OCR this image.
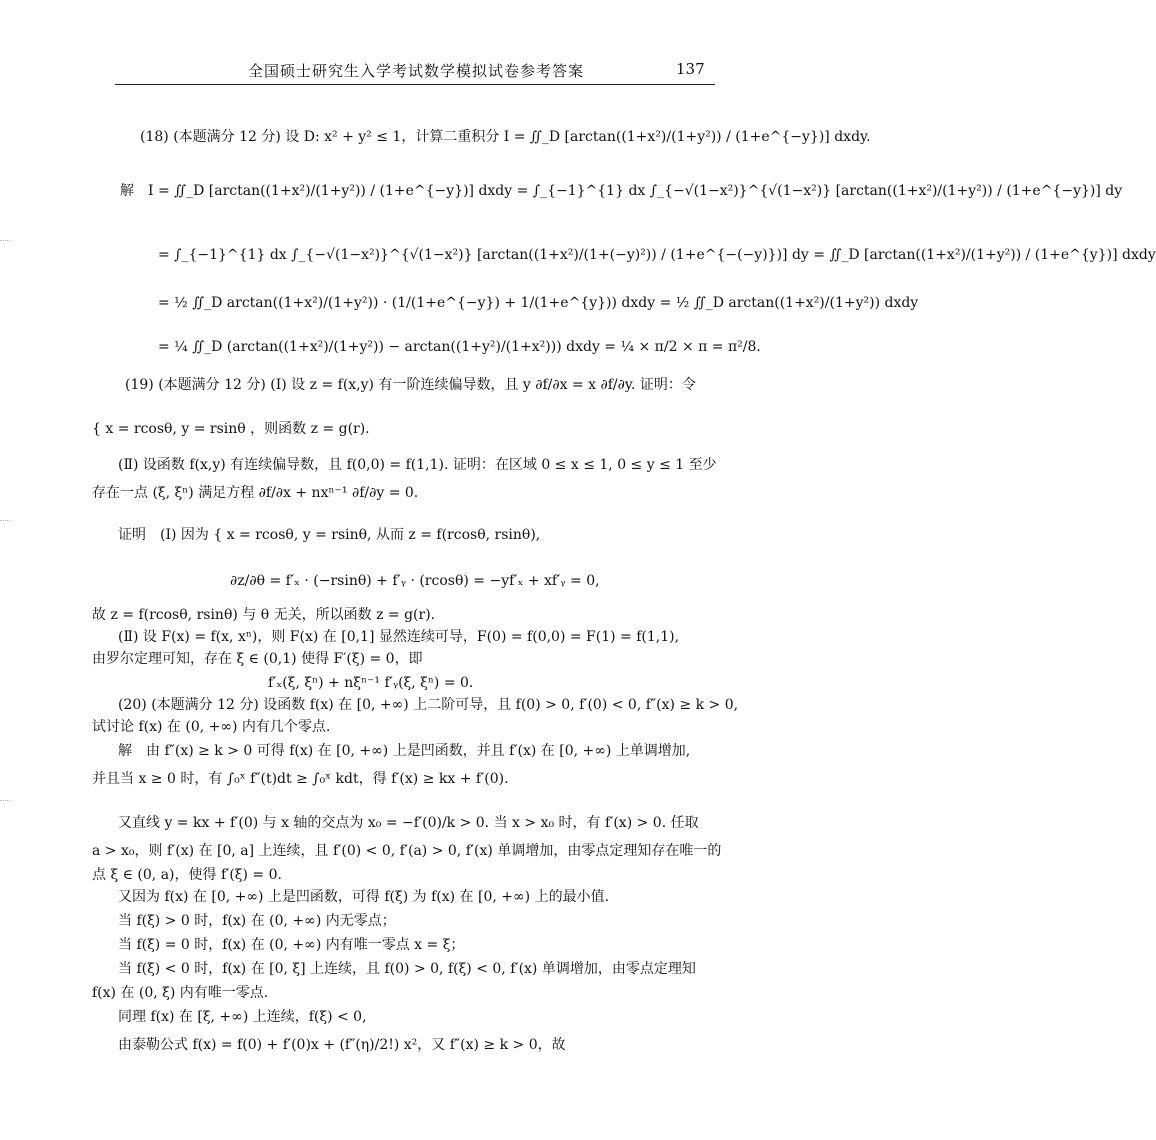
全国硕士研究生入学考试数学模拟试卷参考答案	137
(18) (本题满分 12 分) 设 D: x² + y² ≤ 1，计算二重积分 I = ∬_D [arctan((1+x²)/(1+y²)) / (1+e^{−y})] dxdy.
解　I = ∬_D [arctan((1+x²)/(1+y²)) / (1+e^{−y})] dxdy = ∫_{−1}^{1} dx ∫_{−√(1−x²)}^{√(1−x²)} [arctan((1+x²)/(1+y²)) / (1+e^{−y})] dy
= ∫_{−1}^{1} dx ∫_{−√(1−x²)}^{√(1−x²)} [arctan((1+x²)/(1+(−y)²)) / (1+e^{−(−y)})] dy = ∬_D [arctan((1+x²)/(1+y²)) / (1+e^{y})] dxdy
= ½ ∬_D arctan((1+x²)/(1+y²)) · (1/(1+e^{−y}) + 1/(1+e^{y})) dxdy = ½ ∬_D arctan((1+x²)/(1+y²)) dxdy
= ¼ ∬_D (arctan((1+x²)/(1+y²)) − arctan((1+y²)/(1+x²))) dxdy = ¼ × π/2 × π = π²/8.
(19) (本题满分 12 分) (Ⅰ) 设 z = f(x,y) 有一阶连续偏导数，且 y ∂f/∂x = x ∂f/∂y. 证明：令
{ x = rcosθ, y = rsinθ ，则函数 z = g(r).
(Ⅱ) 设函数 f(x,y) 有连续偏导数，且 f(0,0) = f(1,1). 证明：在区域 0 ≤ x ≤ 1, 0 ≤ y ≤ 1 至少
存在一点 (ξ, ξⁿ) 满足方程 ∂f/∂x + nxⁿ⁻¹ ∂f/∂y = 0.
证明　(Ⅰ) 因为 { x = rcosθ, y = rsinθ, 从而 z = f(rcosθ, rsinθ),
∂z/∂θ = f′ₓ · (−rsinθ) + f′ᵧ · (rcosθ) = −yf′ₓ + xf′ᵧ = 0,
故 z = f(rcosθ, rsinθ) 与 θ 无关，所以函数 z = g(r).
(Ⅱ) 设 F(x) = f(x, xⁿ)，则 F(x) 在 [0,1] 显然连续可导，F(0) = f(0,0) = F(1) = f(1,1),
由罗尔定理可知，存在 ξ ∈ (0,1) 使得 F′(ξ) = 0，即
f′ₓ(ξ, ξⁿ) + nξⁿ⁻¹ f′ᵧ(ξ, ξⁿ) = 0.
(20) (本题满分 12 分) 设函数 f(x) 在 [0, +∞) 上二阶可导，且 f(0) > 0, f′(0) < 0, f″(x) ≥ k > 0,
试讨论 f(x) 在 (0, +∞) 内有几个零点.
解　由 f″(x) ≥ k > 0 可得 f(x) 在 [0, +∞) 上是凹函数，并且 f′(x) 在 [0, +∞) 上单调增加,
并且当 x ≥ 0 时，有 ∫₀ˣ f″(t)dt ≥ ∫₀ˣ kdt，得 f′(x) ≥ kx + f′(0).
又直线 y = kx + f′(0) 与 x 轴的交点为 x₀ = −f′(0)/k > 0. 当 x > x₀ 时，有 f′(x) > 0. 任取
a > x₀，则 f′(x) 在 [0, a] 上连续，且 f′(0) < 0, f′(a) > 0, f′(x) 单调增加，由零点定理知存在唯一的
点 ξ ∈ (0, a)，使得 f′(ξ) = 0.
又因为 f(x) 在 [0, +∞) 上是凹函数，可得 f(ξ) 为 f(x) 在 [0, +∞) 上的最小值.
当 f(ξ) > 0 时，f(x) 在 (0, +∞) 内无零点；
当 f(ξ) = 0 时，f(x) 在 (0, +∞) 内有唯一零点 x = ξ；
当 f(ξ) < 0 时，f(x) 在 [0, ξ] 上连续，且 f(0) > 0, f(ξ) < 0, f′(x) 单调增加，由零点定理知
f(x) 在 (0, ξ) 内有唯一零点.
同理 f(x) 在 [ξ, +∞) 上连续，f(ξ) < 0,
由泰勒公式 f(x) = f(0) + f′(0)x + (f″(η)/2!) x²，又 f″(x) ≥ k > 0，故
